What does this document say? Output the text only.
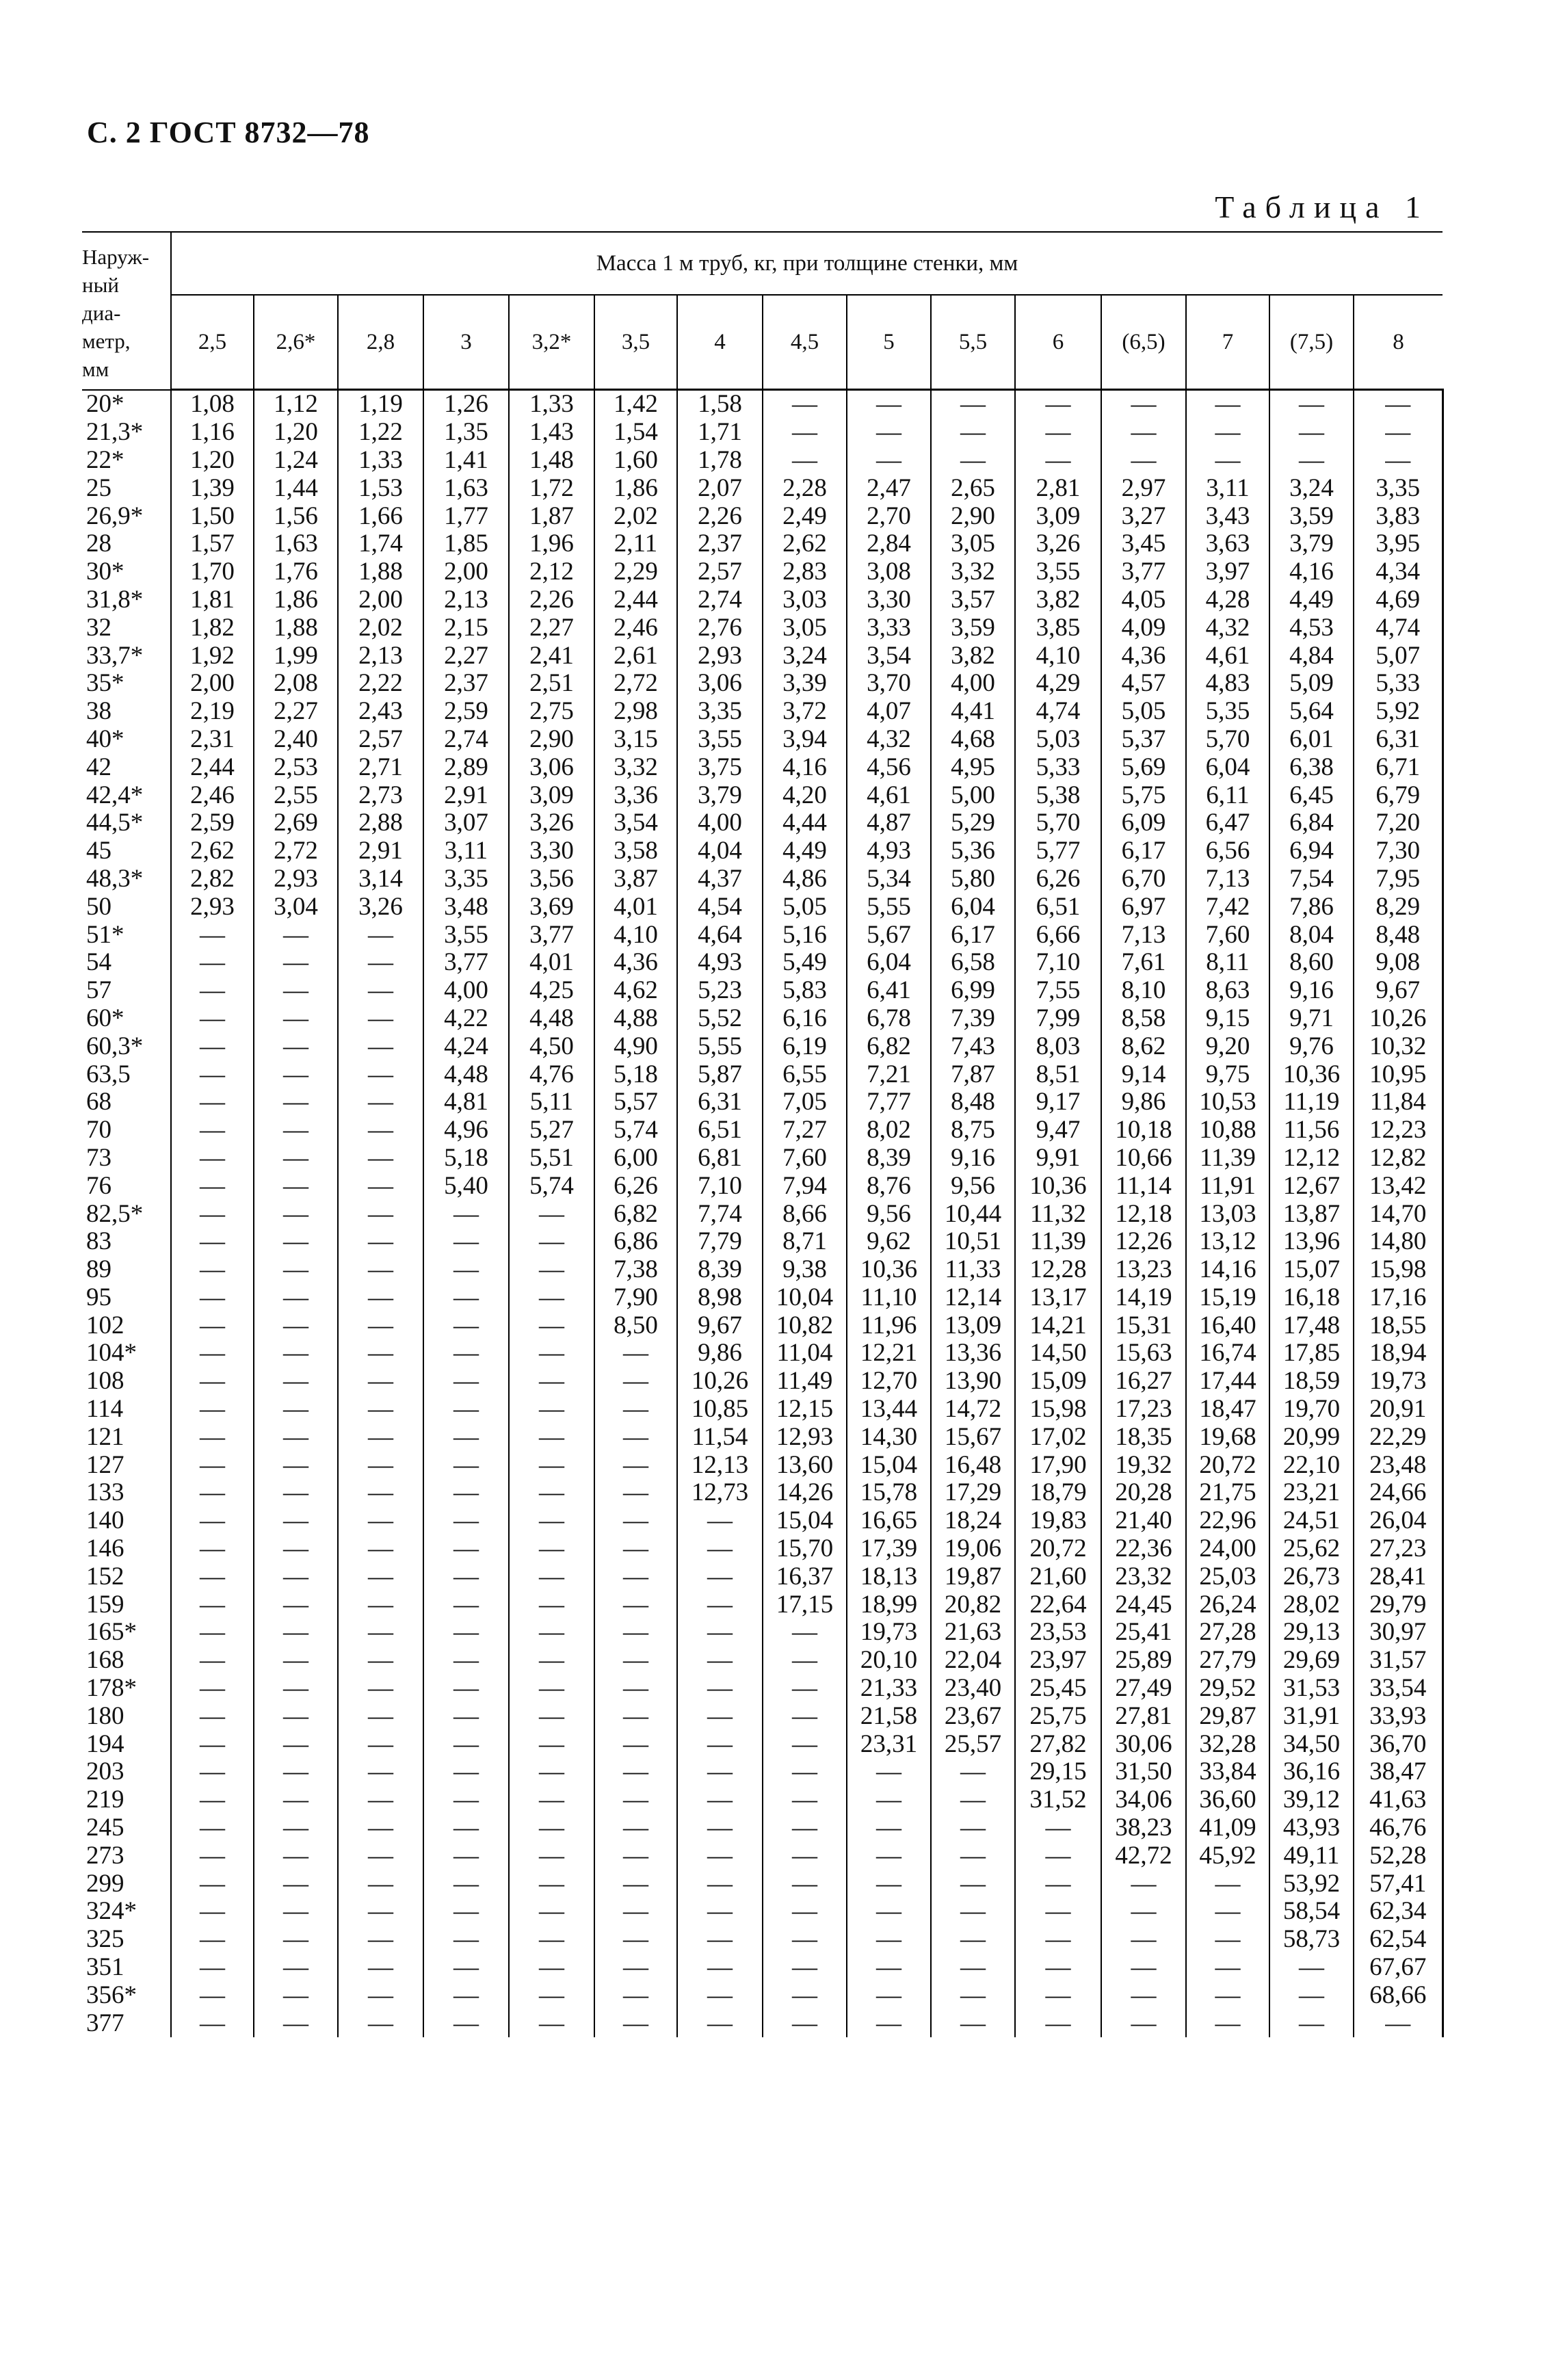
С. 2 ГОСТ 8732—78
Таблица 1
Наруж-
ный
диа-
метр,
мм	Масса 1 м труб, кг, при толщине стенки, мм														
	2,5	2,6*	2,8	3	3,2*	3,5	4	4,5	5	5,5	6	(6,5)	7	(7,5)	8
20*	1,08	1,12	1,19	1,26	1,33	1,42	1,58	—	—	—	—	—	—	—	—
21,3*	1,16	1,20	1,22	1,35	1,43	1,54	1,71	—	—	—	—	—	—	—	—
22*	1,20	1,24	1,33	1,41	1,48	1,60	1,78	—	—	—	—	—	—	—	—
25	1,39	1,44	1,53	1,63	1,72	1,86	2,07	2,28	2,47	2,65	2,81	2,97	3,11	3,24	3,35
26,9*	1,50	1,56	1,66	1,77	1,87	2,02	2,26	2,49	2,70	2,90	3,09	3,27	3,43	3,59	3,83
28	1,57	1,63	1,74	1,85	1,96	2,11	2,37	2,62	2,84	3,05	3,26	3,45	3,63	3,79	3,95
30*	1,70	1,76	1,88	2,00	2,12	2,29	2,57	2,83	3,08	3,32	3,55	3,77	3,97	4,16	4,34
31,8*	1,81	1,86	2,00	2,13	2,26	2,44	2,74	3,03	3,30	3,57	3,82	4,05	4,28	4,49	4,69
32	1,82	1,88	2,02	2,15	2,27	2,46	2,76	3,05	3,33	3,59	3,85	4,09	4,32	4,53	4,74
33,7*	1,92	1,99	2,13	2,27	2,41	2,61	2,93	3,24	3,54	3,82	4,10	4,36	4,61	4,84	5,07
35*	2,00	2,08	2,22	2,37	2,51	2,72	3,06	3,39	3,70	4,00	4,29	4,57	4,83	5,09	5,33
38	2,19	2,27	2,43	2,59	2,75	2,98	3,35	3,72	4,07	4,41	4,74	5,05	5,35	5,64	5,92
40*	2,31	2,40	2,57	2,74	2,90	3,15	3,55	3,94	4,32	4,68	5,03	5,37	5,70	6,01	6,31
42	2,44	2,53	2,71	2,89	3,06	3,32	3,75	4,16	4,56	4,95	5,33	5,69	6,04	6,38	6,71
42,4*	2,46	2,55	2,73	2,91	3,09	3,36	3,79	4,20	4,61	5,00	5,38	5,75	6,11	6,45	6,79
44,5*	2,59	2,69	2,88	3,07	3,26	3,54	4,00	4,44	4,87	5,29	5,70	6,09	6,47	6,84	7,20
45	2,62	2,72	2,91	3,11	3,30	3,58	4,04	4,49	4,93	5,36	5,77	6,17	6,56	6,94	7,30
48,3*	2,82	2,93	3,14	3,35	3,56	3,87	4,37	4,86	5,34	5,80	6,26	6,70	7,13	7,54	7,95
50	2,93	3,04	3,26	3,48	3,69	4,01	4,54	5,05	5,55	6,04	6,51	6,97	7,42	7,86	8,29
51*	—	—	—	3,55	3,77	4,10	4,64	5,16	5,67	6,17	6,66	7,13	7,60	8,04	8,48
54	—	—	—	3,77	4,01	4,36	4,93	5,49	6,04	6,58	7,10	7,61	8,11	8,60	9,08
57	—	—	—	4,00	4,25	4,62	5,23	5,83	6,41	6,99	7,55	8,10	8,63	9,16	9,67
60*	—	—	—	4,22	4,48	4,88	5,52	6,16	6,78	7,39	7,99	8,58	9,15	9,71	10,26
60,3*	—	—	—	4,24	4,50	4,90	5,55	6,19	6,82	7,43	8,03	8,62	9,20	9,76	10,32
63,5	—	—	—	4,48	4,76	5,18	5,87	6,55	7,21	7,87	8,51	9,14	9,75	10,36	10,95
68	—	—	—	4,81	5,11	5,57	6,31	7,05	7,77	8,48	9,17	9,86	10,53	11,19	11,84
70	—	—	—	4,96	5,27	5,74	6,51	7,27	8,02	8,75	9,47	10,18	10,88	11,56	12,23
73	—	—	—	5,18	5,51	6,00	6,81	7,60	8,39	9,16	9,91	10,66	11,39	12,12	12,82
76	—	—	—	5,40	5,74	6,26	7,10	7,94	8,76	9,56	10,36	11,14	11,91	12,67	13,42
82,5*	—	—	—	—	—	6,82	7,74	8,66	9,56	10,44	11,32	12,18	13,03	13,87	14,70
83	—	—	—	—	—	6,86	7,79	8,71	9,62	10,51	11,39	12,26	13,12	13,96	14,80
89	—	—	—	—	—	7,38	8,39	9,38	10,36	11,33	12,28	13,23	14,16	15,07	15,98
95	—	—	—	—	—	7,90	8,98	10,04	11,10	12,14	13,17	14,19	15,19	16,18	17,16
102	—	—	—	—	—	8,50	9,67	10,82	11,96	13,09	14,21	15,31	16,40	17,48	18,55
104*	—	—	—	—	—	—	9,86	11,04	12,21	13,36	14,50	15,63	16,74	17,85	18,94
108	—	—	—	—	—	—	10,26	11,49	12,70	13,90	15,09	16,27	17,44	18,59	19,73
114	—	—	—	—	—	—	10,85	12,15	13,44	14,72	15,98	17,23	18,47	19,70	20,91
121	—	—	—	—	—	—	11,54	12,93	14,30	15,67	17,02	18,35	19,68	20,99	22,29
127	—	—	—	—	—	—	12,13	13,60	15,04	16,48	17,90	19,32	20,72	22,10	23,48
133	—	—	—	—	—	—	12,73	14,26	15,78	17,29	18,79	20,28	21,75	23,21	24,66
140	—	—	—	—	—	—	—	15,04	16,65	18,24	19,83	21,40	22,96	24,51	26,04
146	—	—	—	—	—	—	—	15,70	17,39	19,06	20,72	22,36	24,00	25,62	27,23
152	—	—	—	—	—	—	—	16,37	18,13	19,87	21,60	23,32	25,03	26,73	28,41
159	—	—	—	—	—	—	—	17,15	18,99	20,82	22,64	24,45	26,24	28,02	29,79
165*	—	—	—	—	—	—	—	—	19,73	21,63	23,53	25,41	27,28	29,13	30,97
168	—	—	—	—	—	—	—	—	20,10	22,04	23,97	25,89	27,79	29,69	31,57
178*	—	—	—	—	—	—	—	—	21,33	23,40	25,45	27,49	29,52	31,53	33,54
180	—	—	—	—	—	—	—	—	21,58	23,67	25,75	27,81	29,87	31,91	33,93
194	—	—	—	—	—	—	—	—	23,31	25,57	27,82	30,06	32,28	34,50	36,70
203	—	—	—	—	—	—	—	—	—	—	29,15	31,50	33,84	36,16	38,47
219	—	—	—	—	—	—	—	—	—	—	31,52	34,06	36,60	39,12	41,63
245	—	—	—	—	—	—	—	—	—	—	—	38,23	41,09	43,93	46,76
273	—	—	—	—	—	—	—	—	—	—	—	42,72	45,92	49,11	52,28
299	—	—	—	—	—	—	—	—	—	—	—	—	—	53,92	57,41
324*	—	—	—	—	—	—	—	—	—	—	—	—	—	58,54	62,34
325	—	—	—	—	—	—	—	—	—	—	—	—	—	58,73	62,54
351	—	—	—	—	—	—	—	—	—	—	—	—	—	—	67,67
356*	—	—	—	—	—	—	—	—	—	—	—	—	—	—	68,66
377	—	—	—	—	—	—	—	—	—	—	—	—	—	—	—
